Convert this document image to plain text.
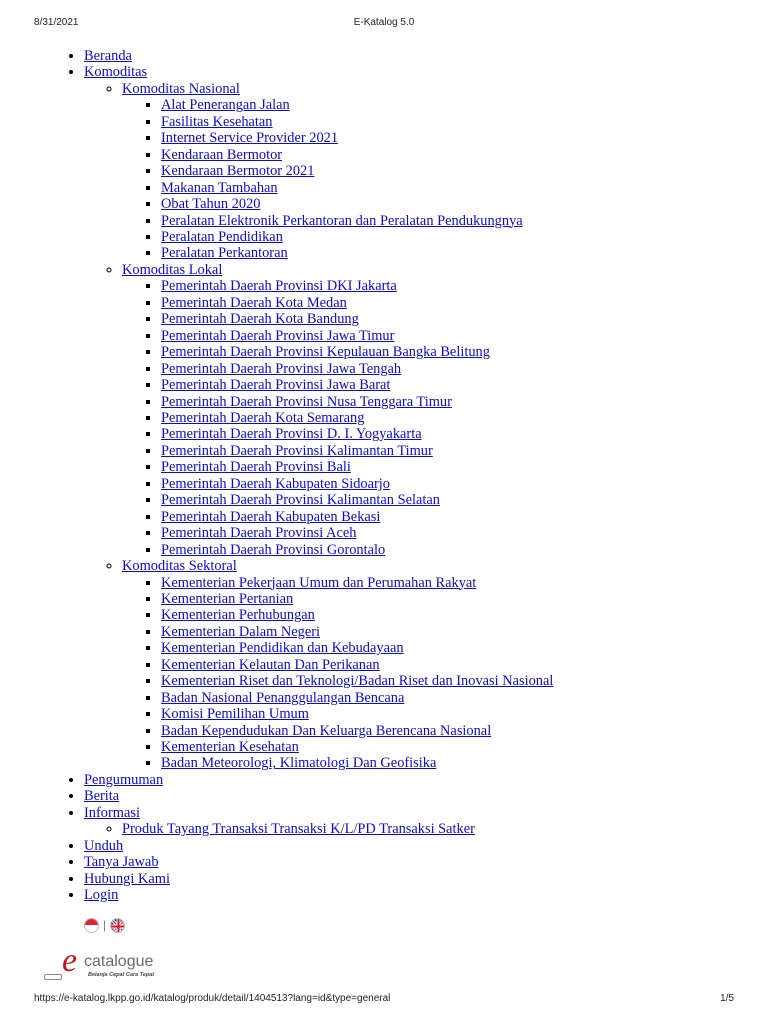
8/31/2021	E-Katalog 5.0
• Beranda
• Komoditas
◦ Komoditas Nasional
▪ Alat Penerangan Jalan
▪ Fasilitas Kesehatan
▪ Internet Service Provider 2021
▪ Kendaraan Bermotor
▪ Kendaraan Bermotor 2021
▪ Makanan Tambahan
▪ Obat Tahun 2020
▪ Peralatan Elektronik Perkantoran dan Peralatan Pendukungnya
▪ Peralatan Pendidikan
▪ Peralatan Perkantoran
◦ Komoditas Lokal
▪ Pemerintah Daerah Provinsi DKI Jakarta
▪ Pemerintah Daerah Kota Medan
▪ Pemerintah Daerah Kota Bandung
▪ Pemerintah Daerah Provinsi Jawa Timur
▪ Pemerintah Daerah Provinsi Kepulauan Bangka Belitung
▪ Pemerintah Daerah Provinsi Jawa Tengah
▪ Pemerintah Daerah Provinsi Jawa Barat
▪ Pemerintah Daerah Provinsi Nusa Tenggara Timur
▪ Pemerintah Daerah Kota Semarang
▪ Pemerintah Daerah Provinsi D. I. Yogyakarta
▪ Pemerintah Daerah Provinsi Kalimantan Timur
▪ Pemerintah Daerah Provinsi Bali
▪ Pemerintah Daerah Kabupaten Sidoarjo
▪ Pemerintah Daerah Provinsi Kalimantan Selatan
▪ Pemerintah Daerah Kabupaten Bekasi
▪ Pemerintah Daerah Provinsi Aceh
▪ Pemerintah Daerah Provinsi Gorontalo
◦ Komoditas Sektoral
▪ Kementerian Pekerjaan Umum dan Perumahan Rakyat
▪ Kementerian Pertanian
▪ Kementerian Perhubungan
▪ Kementerian Dalam Negeri
▪ Kementerian Pendidikan dan Kebudayaan
▪ Kementerian Kelautan Dan Perikanan
▪ Kementerian Riset dan Teknologi/Badan Riset dan Inovasi Nasional
▪ Badan Nasional Penanggulangan Bencana
▪ Komisi Pemilihan Umum
▪ Badan Kependudukan Dan Keluarga Berencana Nasional
▪ Kementerian Kesehatan
▪ Badan Meteorologi, Klimatologi Dan Geofisika
• Pengumuman
• Berita
• Informasi
◦ Produk Tayang Transaksi Transaksi K/L/PD Transaksi Satker
• Unduh
• Tanya Jawab
• Hubungi Kami
• Login
|
e catalogue
Belanja Cepat Cara Tepat
https://e-katalog.lkpp.go.id/katalog/produk/detail/1404513?lang=id&type=general	1/5
